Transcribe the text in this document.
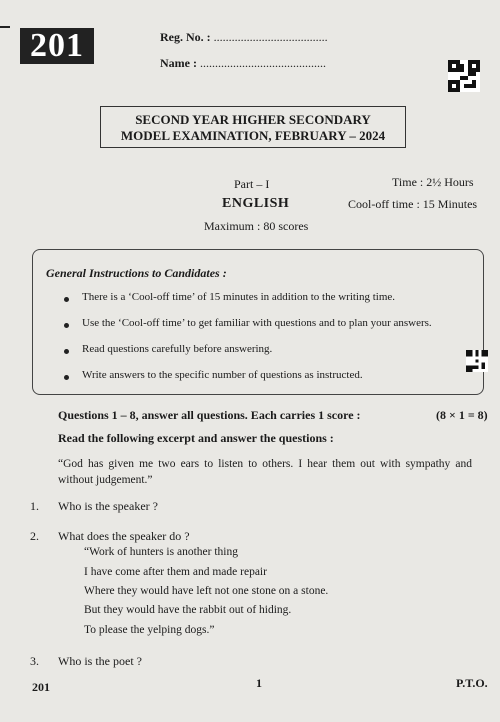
201	Reg. No. : ......................................
Name : ..........................................
SECOND YEAR HIGHER SECONDARY
MODEL EXAMINATION, FEBRUARY – 2024
Part – I	Time : 2½ Hours
ENGLISH	Cool-off time : 15 Minutes
Maximum : 80 scores
General Instructions to Candidates :
There is a ‘Cool-off time’ of 15 minutes in addition to the writing time.
Use the ‘Cool-off time’ to get familiar with questions and to plan your answers.
Read questions carefully before answering.
Write answers to the specific number of questions as instructed.
Questions 1 – 8, answer all questions. Each carries 1 score :	(8 × 1 = 8)
Read the following excerpt and answer the questions :
“God has given me two ears to listen to others. I hear them out with sympathy and without judgement.”
1. Who is the speaker ?
2. What does the speaker do ?
“Work of hunters is another thing
I have come after them and made repair
Where they would have left not one stone on a stone.
But they would have the rabbit out of hiding.
To please the yelping dogs.”
3. Who is the poet ?
201	1	P.T.O.
